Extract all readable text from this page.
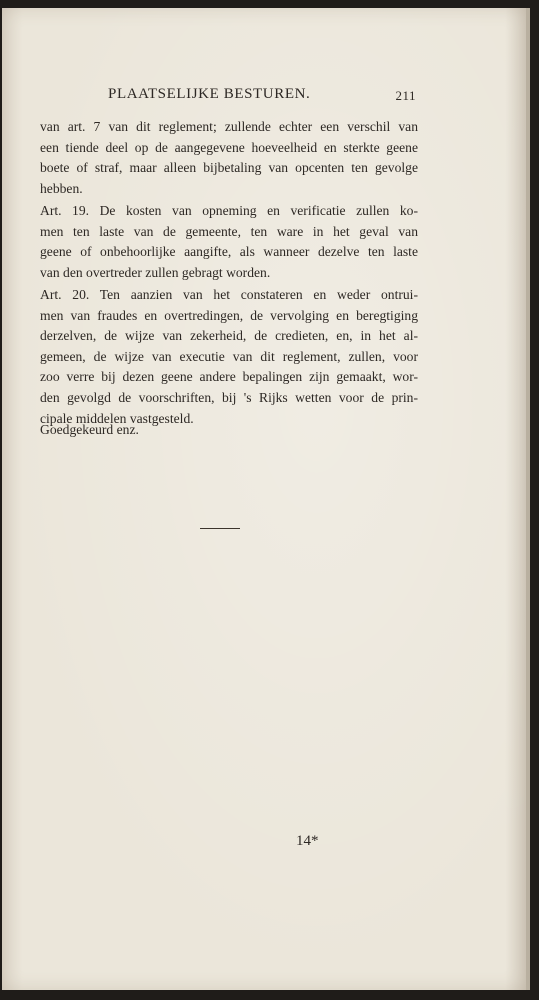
PLAATSELIJKE BESTUREN.	211
van art. 7 van dit reglement; zullende echter een verschil van
een tiende deel op de aangegevene hoeveelheid en sterkte geene
boete of straf, maar alleen bijbetaling van opcenten ten gevolge
hebben.
Art. 19. De kosten van opneming en verificatie zullen ko-
men ten laste van de gemeente, ten ware in het geval van
geene of onbehoorlijke aangifte, als wanneer dezelve ten laste
van den overtreder zullen gebragt worden.
Art. 20. Ten aanzien van het constateren en weder ontrui-
men van fraudes en overtredingen, de vervolging en beregtiging
derzelven, de wijze van zekerheid, de credieten, en, in het al-
gemeen, de wijze van executie van dit reglement, zullen, voor
zoo verre bij dezen geene andere bepalingen zijn gemaakt, wor-
den gevolgd de voorschriften, bij 's Rijks wetten voor de prin-
cipale middelen vastgesteld.
Goedgekeurd enz.
14*
